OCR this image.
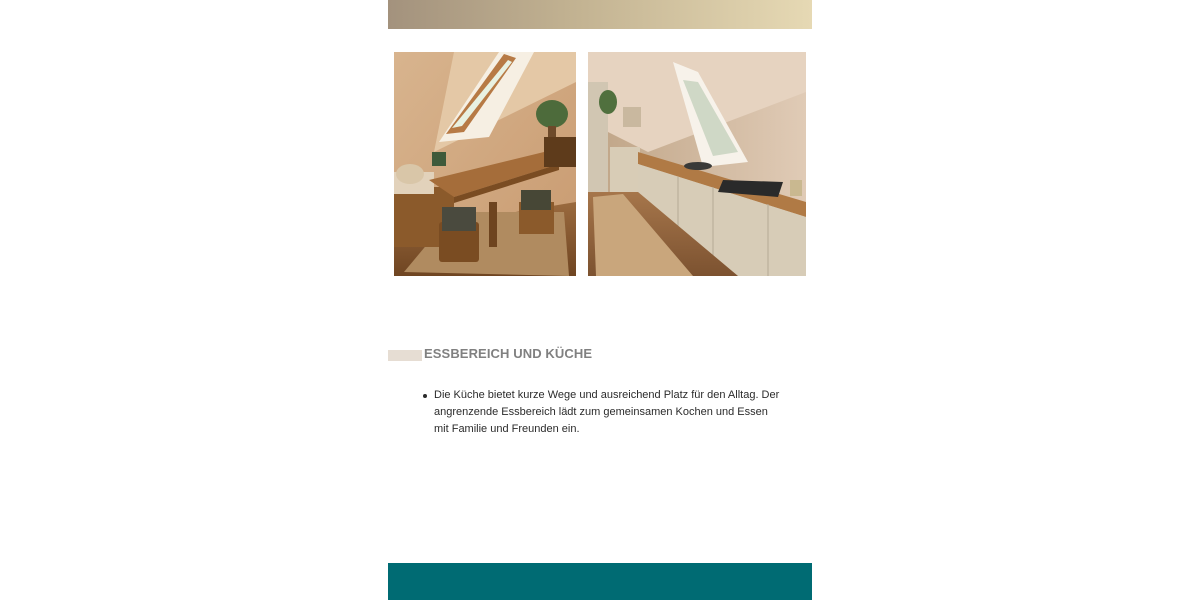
ESSBEREICH UND KÜCHE
Die Küche bietet kurze Wege und ausreichend Platz für den Alltag. Der angrenzende Essbereich lädt zum gemeinsamen Kochen und Essen mit Familie und Freunden ein.
